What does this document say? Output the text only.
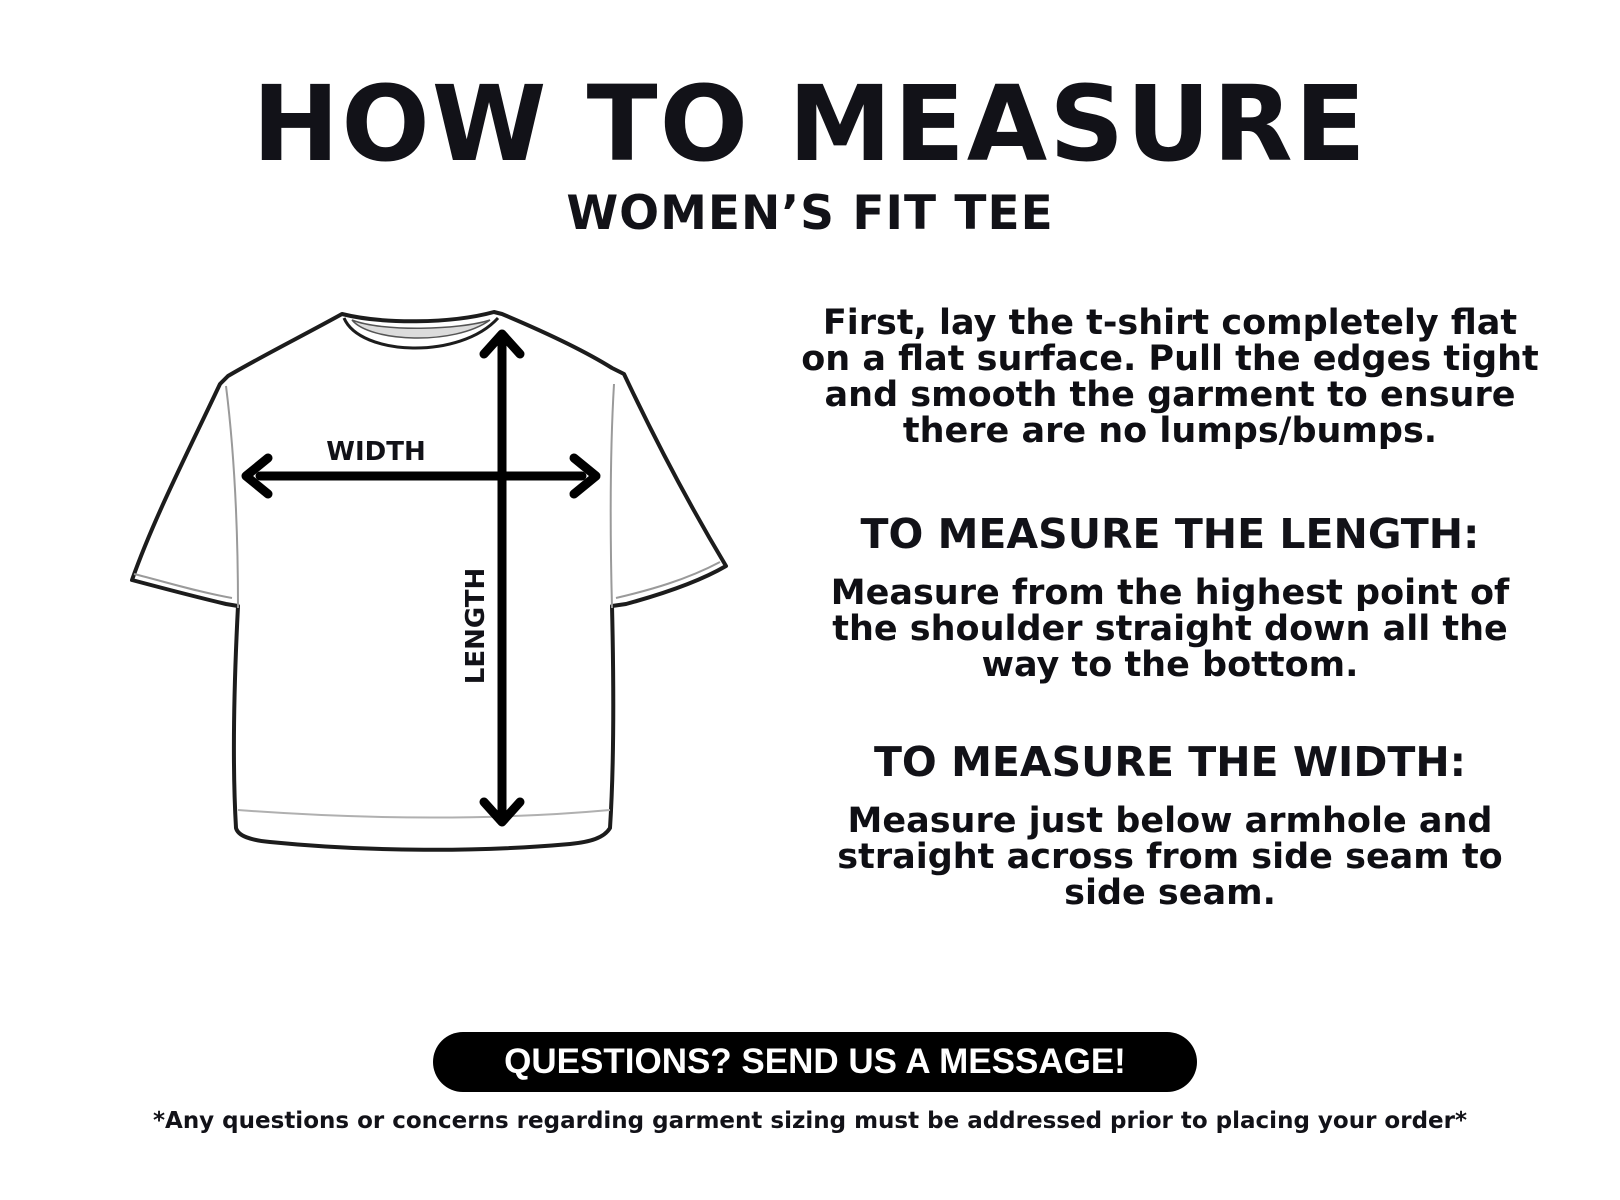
HOW TO MEASURE
WOMEN’S FIT TEE
WIDTH
LENGTH

First, lay the t-shirt completely flat

on a flat surface. Pull the edges tight

and smooth the garment to ensure

there are no lumps/bumps.

TO MEASURE THE LENGTH:

Measure from the highest point of

the shoulder straight down all the

way to the bottom.

TO MEASURE THE WIDTH:

Measure just below armhole and

straight across from side seam to

side seam.

QUESTIONS? SEND US A MESSAGE!
*Any questions or concerns regarding garment sizing must be addressed prior to placing your order*
